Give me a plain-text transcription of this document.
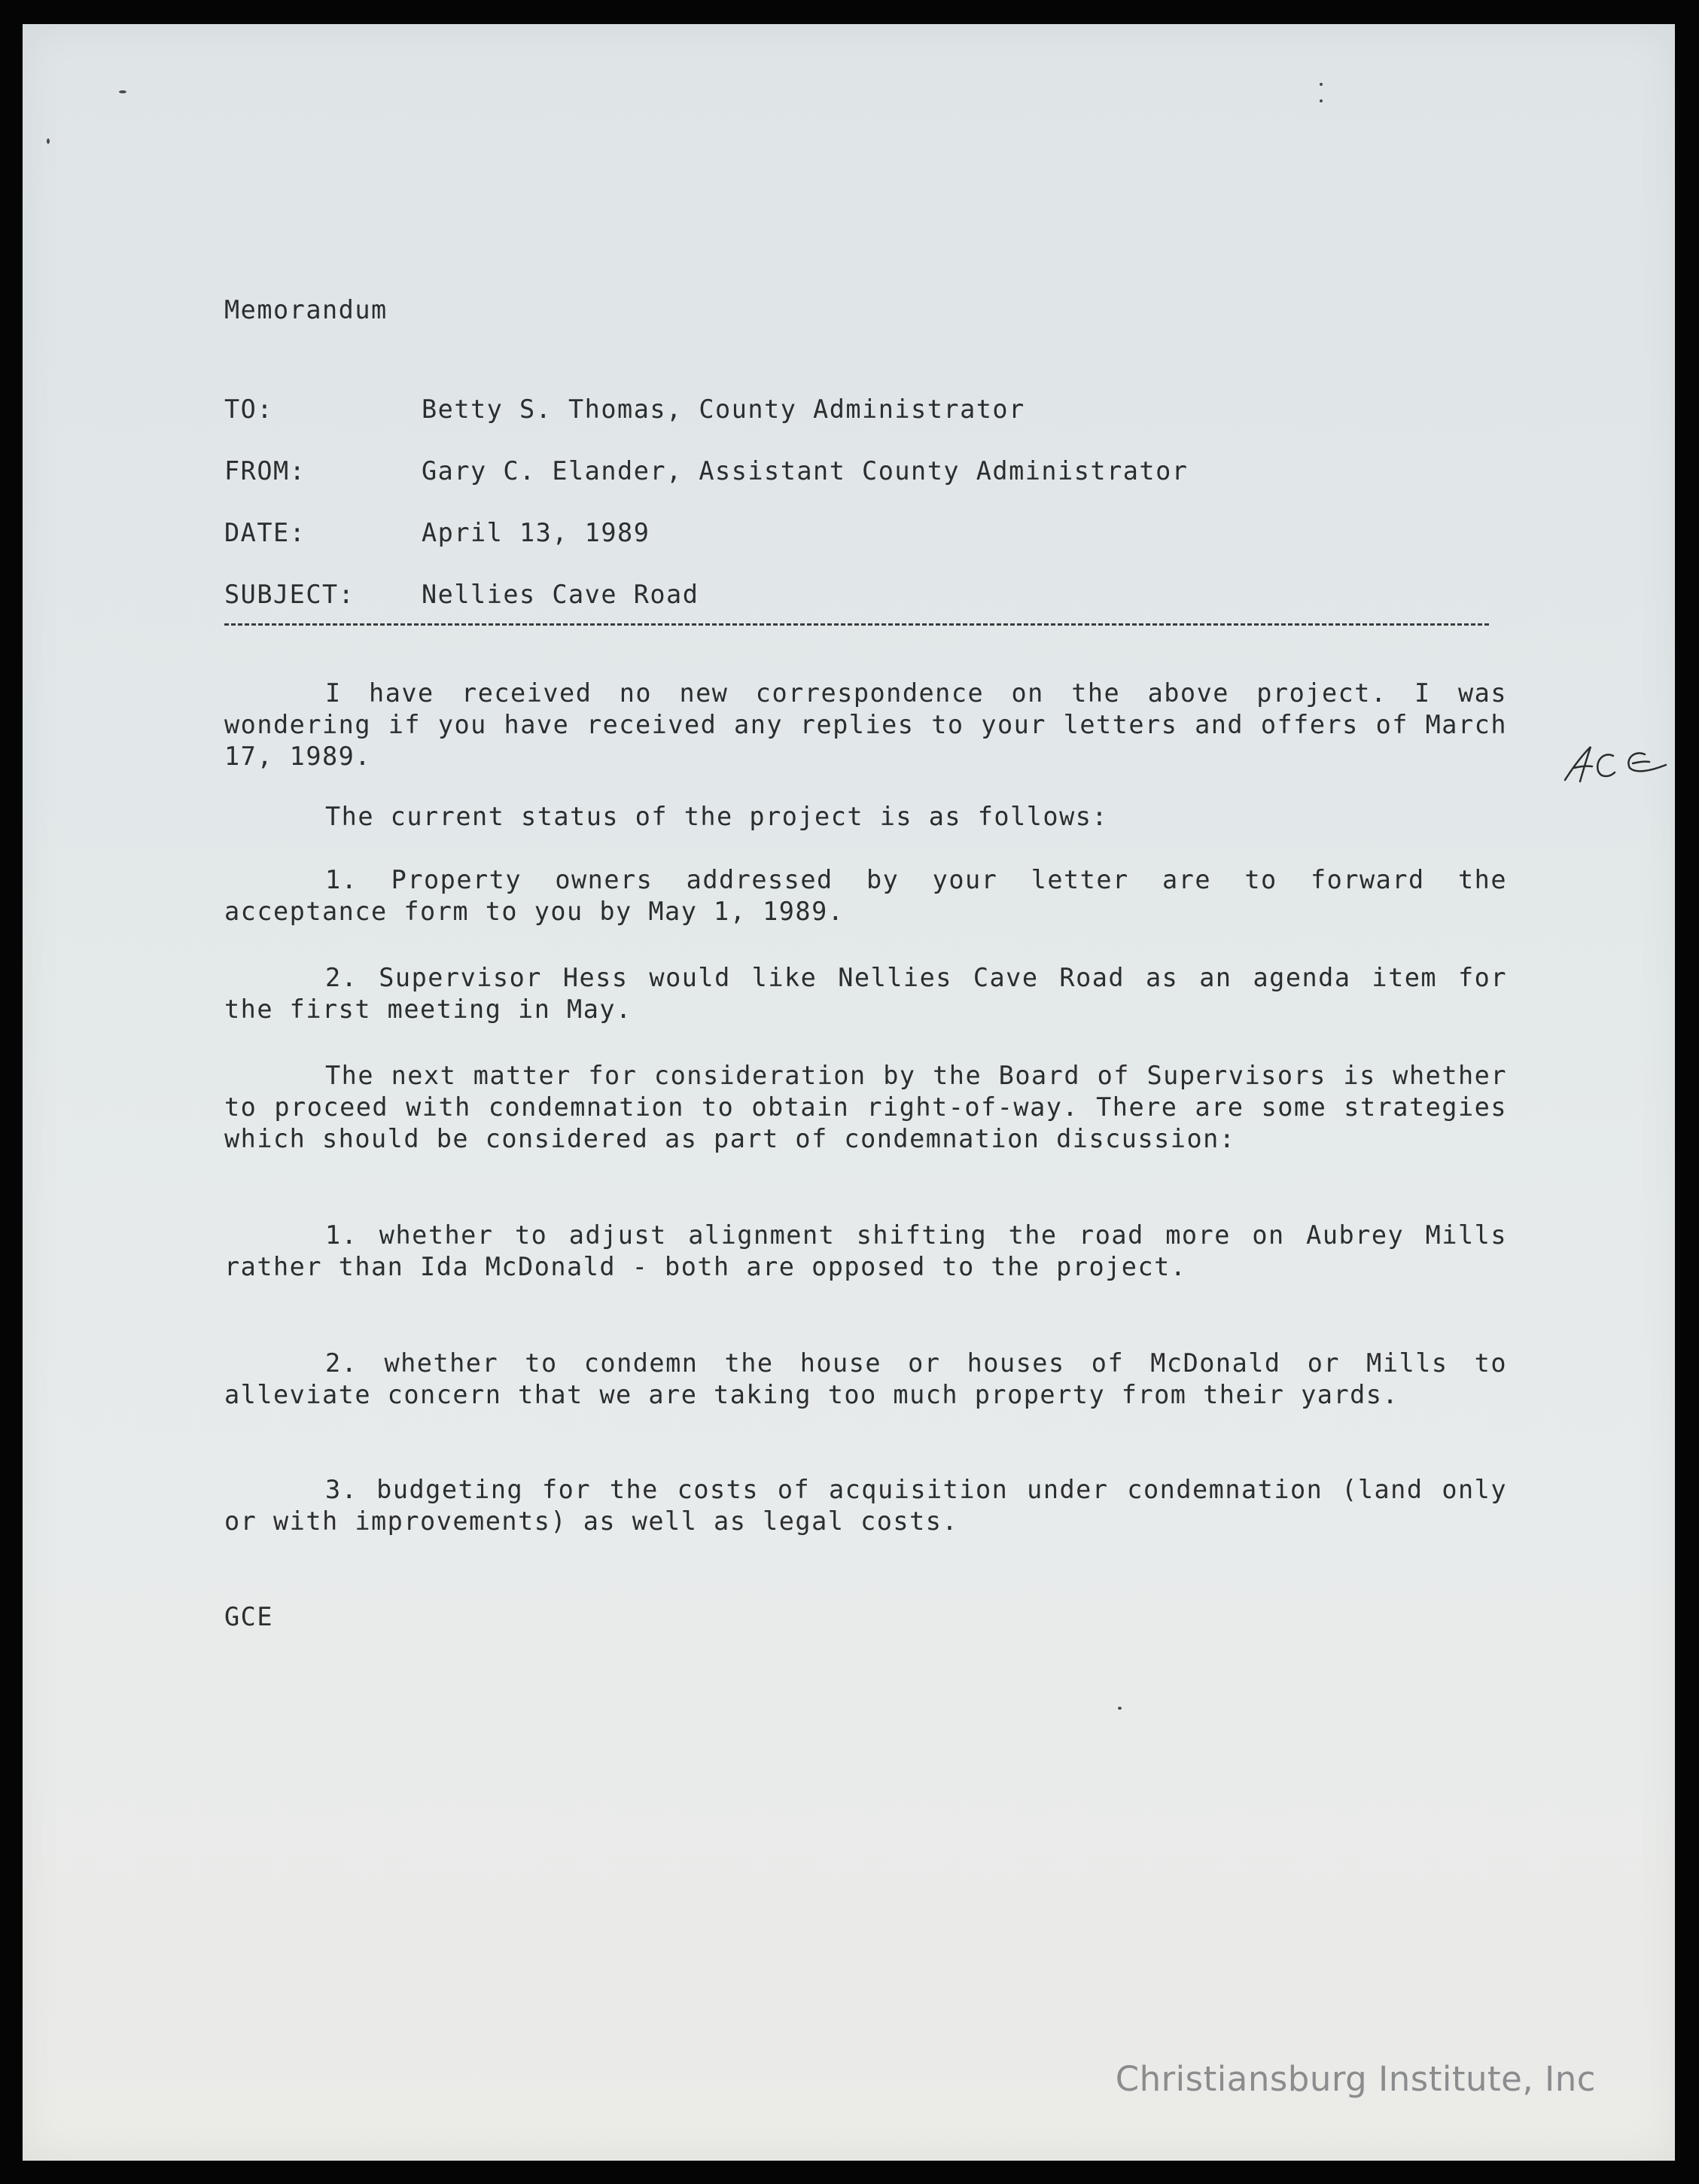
Memorandum
TO:	Betty S. Thomas, County Administrator
FROM:	Gary C. Elander, Assistant County Administrator
DATE:	April 13, 1989
SUBJECT:	Nellies Cave Road

I have received no new correspondence on the above project. I was wondering if you have received any replies to your letters and offers of March 17, 1989.

The current status of the project is as follows:

1. Property owners addressed by your letter are to forward the acceptance form to you by May 1, 1989.

2. Supervisor Hess would like Nellies Cave Road as an agenda item for the first meeting in May.

The next matter for consideration by the Board of Supervisors is whether to proceed with condemnation to obtain right-of-way. There are some strategies which should be considered as part of condemnation discussion:

1. whether to adjust alignment shifting the road more on Aubrey Mills rather than Ida McDonald - both are opposed to the project.

2. whether to condemn the house or houses of McDonald or Mills to alleviate concern that we are taking too much property from their yards.

3. budgeting for the costs of acquisition under condemnation (land only or with improvements) as well as legal costs.

GCE
Christiansburg Institute, Inc
